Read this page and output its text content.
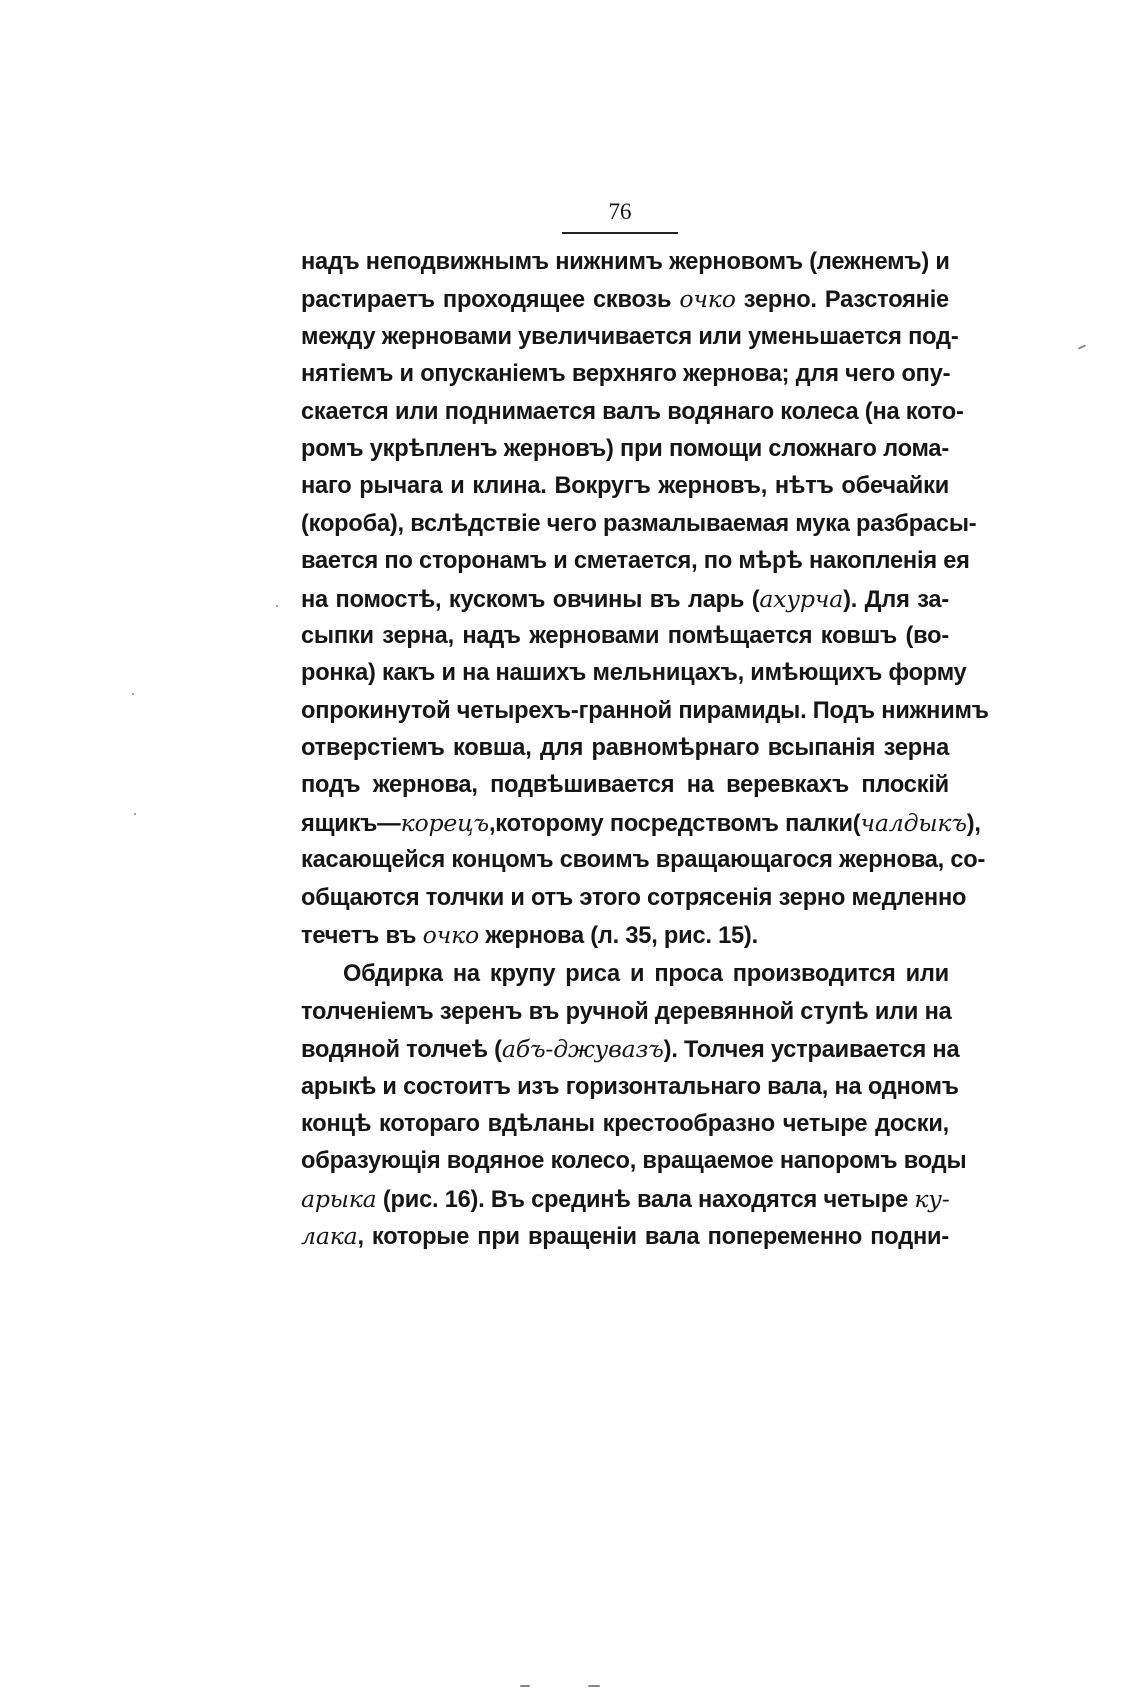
76
надъ неподвижнымъ нижнимъ жерновомъ (лежнемъ) и
растираетъ проходящее сквозь очко зерно. Разстояніе
между жерновами увеличивается или уменьшается под-
нятіемъ и опусканіемъ верхняго жернова; для чего опу-
скается или поднимается валъ водянаго колеса (на кото-
ромъ укрѣпленъ жерновъ) при помощи сложнаго лома-
наго рычага и клина. Вокругъ жерновъ, нѣтъ обечайки
(короба), вслѣдствіе чего размалываемая мука разбрасы-
вается по сторонамъ и сметается, по мѣрѣ накопленія ея
на помостѣ, кускомъ овчины въ ларь (ахурча). Для за-
сыпки зерна, надъ жерновами помѣщается ковшъ (во-
ронка) какъ и на нашихъ мельницахъ, имѣющихъ форму
опрокинутой четырехъ-гранной пирамиды. Подъ нижнимъ
отверстіемъ ковша, для равномѣрнаго всыпанія зерна
подъ жернова, подвѣшивается на веревкахъ плоскій
ящикъ—корецъ,которому посредствомъ палки(чалдыкъ),
касающейся концомъ своимъ вращающагося жернова, со-
общаются толчки и отъ этого сотрясенія зерно медленно
течетъ въ очко жернова (л. 35, рис. 15).
Обдирка на крупу риса и проса производится или
толченіемъ зеренъ въ ручной деревянной ступѣ или на
водяной толчеѣ (абъ-джувазъ). Толчея устраивается на
арыкѣ и состоитъ изъ горизонтальнаго вала, на одномъ
концѣ котораго вдѣланы крестообразно четыре доски,
образующія водяное колесо, вращаемое напоромъ воды
арыка (рис. 16). Въ срединѣ вала находятся четыре ку-
лака, которые при вращеніи вала попеременно подни-
